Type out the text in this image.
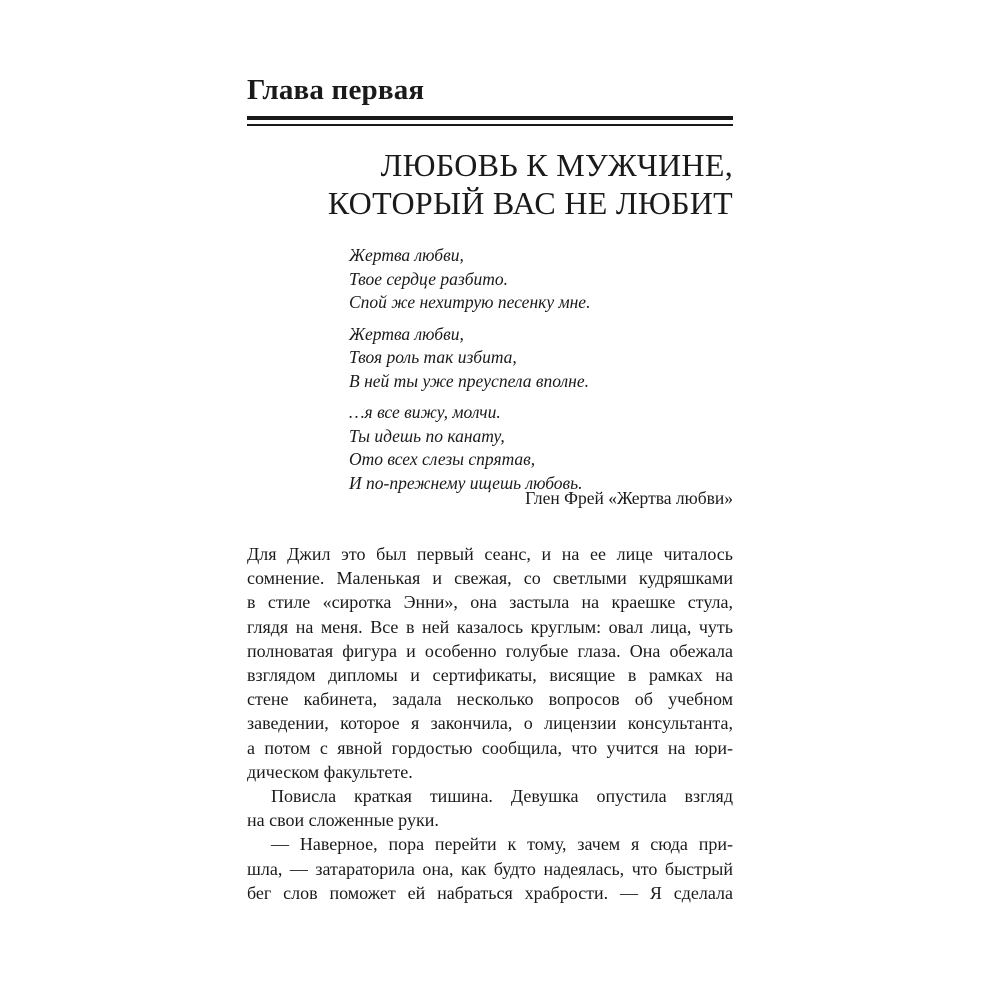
Глава первая
ЛЮБОВЬ К МУЖЧИНЕ,
КОТОРЫЙ ВАС НЕ ЛЮБИТ
Жертва любви,
Твое сердце разбито.
Спой же нехитрую песенку мне.
Жертва любви,
Твоя роль так избита,
В ней ты уже преуспела вполне.
…я все вижу, молчи.
Ты идешь по канату,
Ото всех слезы спрятав,
И по-прежнему ищешь любовь.
Глен Фрей «Жертва любви»

Для Джил это был первый сеанс, и на ее лице читалось
сомнение. Маленькая и свежая, со светлыми кудряшками
в стиле «сиротка Энни», она застыла на краешке стула,
глядя на меня. Все в ней казалось круглым: овал лица, чуть
полноватая фигура и особенно голубые глаза. Она обежала
взглядом дипломы и сертификаты, висящие в рамках на
стене кабинета, задала несколько вопросов об учебном
заведении, которое я закончила, о лицензии консультанта,
а потом с явной гордостью сообщила, что учится на юри-
дическом факультете.

Повисла краткая тишина. Девушка опустила взгляд
на свои сложенные руки.

— Наверное, пора перейти к тому, зачем я сюда при-
шла, — затараторила она, как будто надеялась, что быстрый
бег слов поможет ей набраться храбрости. — Я сделала
